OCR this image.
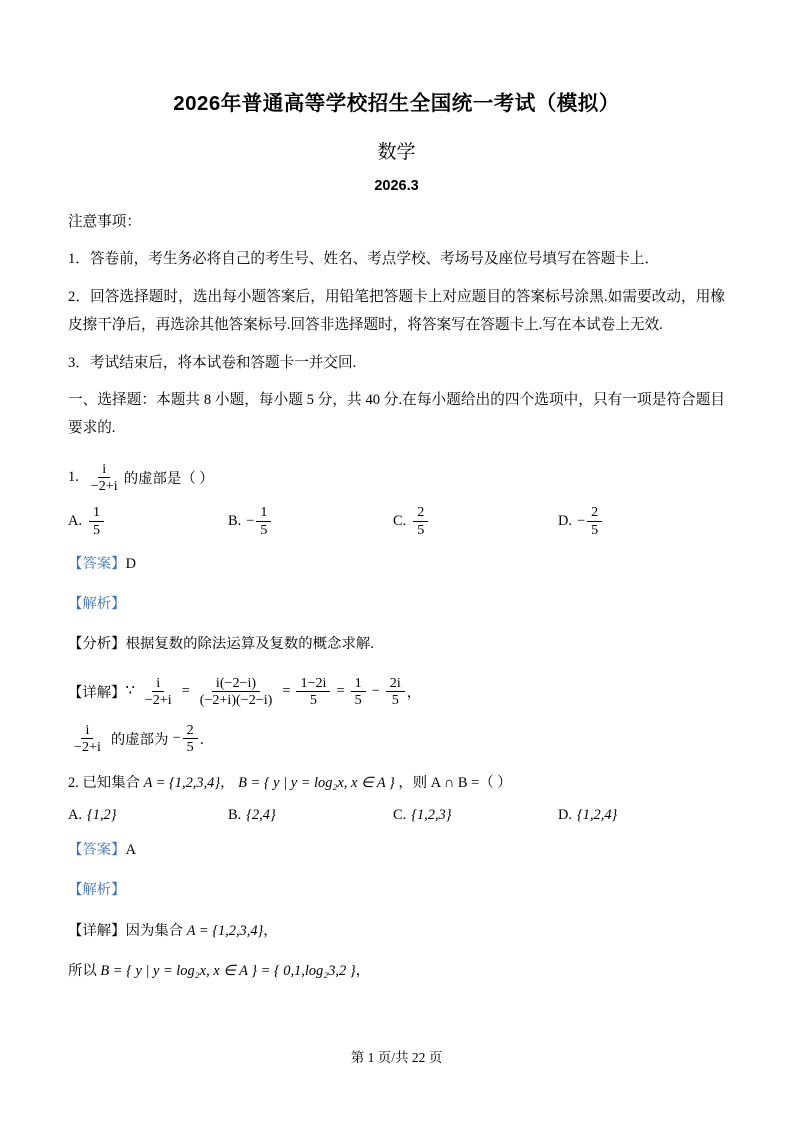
2026年普通高等学校招生全国统一考试（模拟）
数学
2026.3
注意事项：
1．答卷前，考生务必将自己的考生号、姓名、考点学校、考场号及座位号填写在答题卡上．
2．回答选择题时，选出每小题答案后，用铅笔把答题卡上对应题目的答案标号涂黑.如需要改动，用橡皮擦干净后，再选涂其他答案标号.回答非选择题时，将答案写在答题卡上.写在本试卷上无效.
3．考试结束后，将本试卷和答题卡一并交回.
一、选择题：本题共 8 小题，每小题 5 分，共 40 分.在每小题给出的四个选项中，只有一项是符合题目要求的.
1. $\frac{i}{-2+i}$ 的虚部是（ ）
A. $\frac{1}{5}$	B. − $\frac{1}{5}$	C. $\frac{2}{5}$	D. − $\frac{2}{5}$
【答案】D
【解析】
【分析】根据复数的除法运算及复数的概念求解.
【详解】 ∵ $\frac{i}{-2+i} = \frac{i(-2-i)}{(-2+i)(-2-i)} = \frac{1-2i}{5} = \frac{1}{5} - \frac{2i}{5}$ ，
$\frac{i}{-2+i}$ 的虚部为 − $\frac{2}{5}$ ．
2. 已知集合 A = {1,2,3,4}， B = { y | y = log₂x, x ∈ A } ，则 A ∩ B =（ ）
A. {1,2}	B. {2,4}	C. {1,2,3}	D. {1,2,4}
【答案】A
【解析】
【详解】因为集合 A = {1,2,3,4}，
所以 B = { y | y = log₂x, x ∈ A } = { 0,1,log₂3,2 }，
第 1 页/共 22 页
